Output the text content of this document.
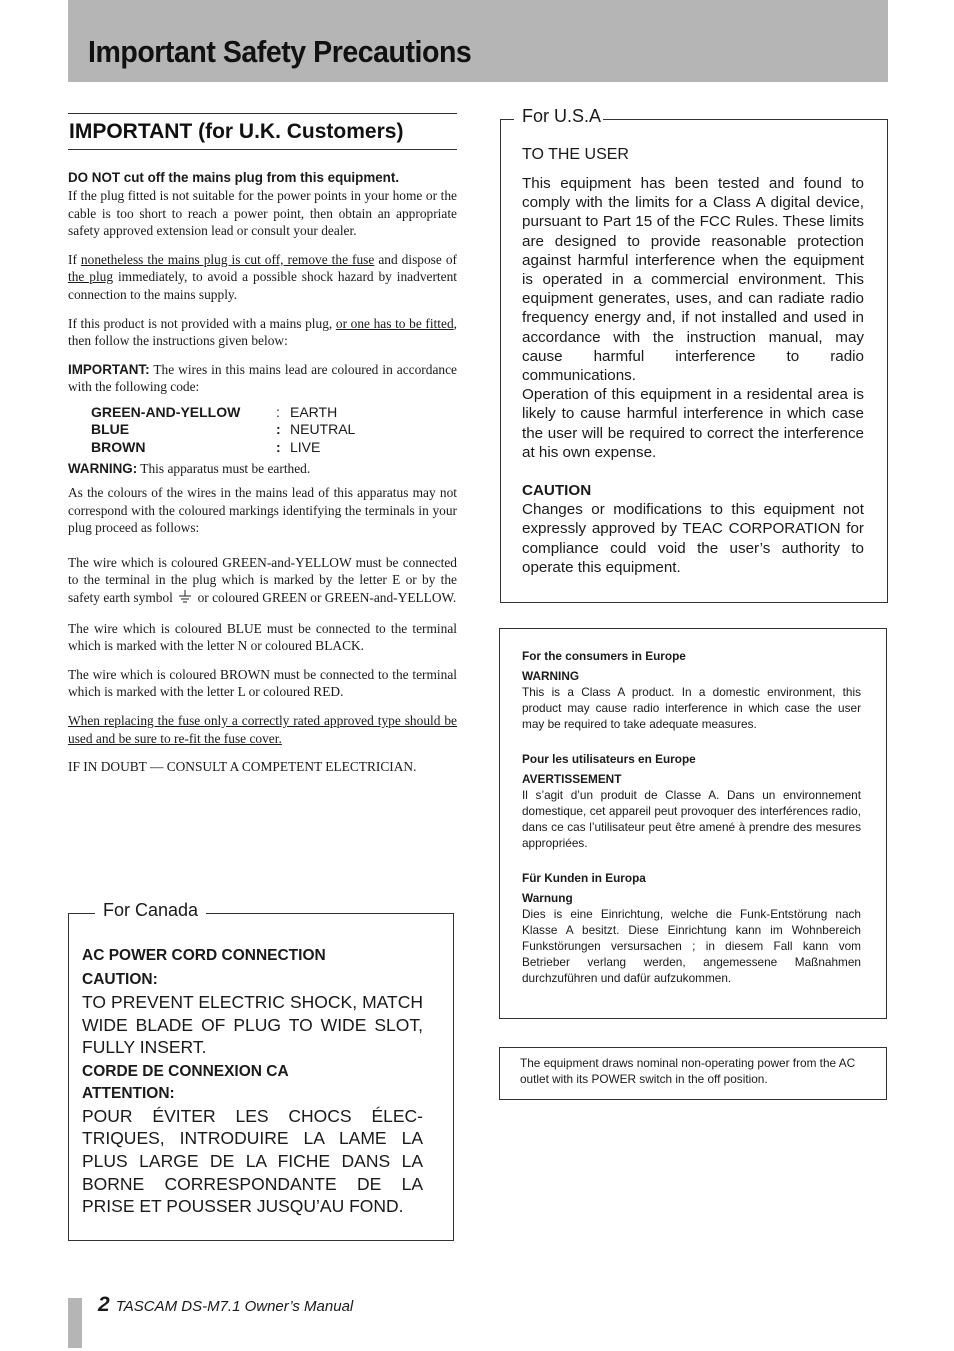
Important Safety Precautions
IMPORTANT (for U.K. Customers)
DO NOT cut off the mains plug from this equipment.

If the plug fitted is not suitable for the power points in your home or the cable is too short to reach a power point, then obtain an appropriate safety approved extension lead or consult your dealer.

If nonetheless the mains plug is cut off, remove the fuse and dispose of the plug immediately, to avoid a possible shock hazard by inadvertent connection to the mains supply.

If this product is not provided with a mains plug, or one has to be fitted, then follow the instructions given below:

IMPORTANT: The wires in this mains lead are coloured in accordance with the following code:

GREEN-AND-YELLOW	: EARTH
BLUE	: NEUTRAL
BROWN	: LIVE

WARNING: This apparatus must be earthed.

As the colours of the wires in the mains lead of this apparatus may not correspond with the coloured markings identifying the terminals in your plug proceed as follows:

The wire which is coloured GREEN-and-YELLOW must be connected to the terminal in the plug which is marked by the letter E or by the safety earth symbol  or coloured GREEN or GREEN-and-YELLOW.

The wire which is coloured BLUE must be connected to the terminal which is marked with the letter N or coloured BLACK.

The wire which is coloured BROWN must be connected to the terminal which is marked with the letter L or coloured RED.

When replacing the fuse only a correctly rated approved type should be used and be sure to re-fit the fuse cover.

IF IN DOUBT — CONSULT A COMPETENT ELECTRICIAN.

For Canada
AC POWER CORD CONNECTION
CAUTION:
TO PREVENT ELECTRIC SHOCK, MATCH WIDE BLADE OF PLUG TO WIDE SLOT, FULLY INSERT.
CORDE DE CONNEXION CA
ATTENTION:
POUR ÉVITER LES CHOCS ÉLEC-TRIQUES, INTRODUIRE LA LAME LA PLUS LARGE DE LA FICHE DANS LA BORNE CORRESPONDANTE DE LA PRISE ET POUSSER JUSQU’AU FOND.
For U.S.A
TO THE USER
This equipment has been tested and found to comply with the limits for a Class A digital device, pursuant to Part 15 of the FCC Rules. These limits are designed to provide reasonable protection against harmful interference when the equipment is operated in a commercial environment. This equipment generates, uses, and can radiate radio frequency energy and, if not installed and used in accordance with the instruction manual, may cause harmful interference to radio communications.
Operation of this equipment in a residental area is likely to cause harmful interference in which case the user will be required to correct the interference at his own expense.
CAUTION
Changes or modifications to this equipment not expressly approved by TEAC CORPORATION for compliance could void the user’s authority to operate this equipment.
For the consumers in Europe
WARNING
This is a Class A product. In a domestic environment, this product may cause radio interference in which case the user may be required to take adequate measures.
Pour les utilisateurs en Europe
AVERTISSEMENT
Il s’agit d’un produit de Classe A. Dans un environnement domestique, cet appareil peut provoquer des interférences radio, dans ce cas l’utilisateur peut être amené à prendre des mesures appropriées.
Für Kunden in Europa
Warnung
Dies is eine Einrichtung, welche die Funk-Entstörung nach Klasse A besitzt. Diese Einrichtung kann im Wohnbereich Funkstörungen versursachen ; in diesem Fall kann vom Betrieber verlang werden, angemessene Maßnahmen durchzuführen und dafür aufzukommen.
The equipment draws nominal non-operating power from the AC outlet with its POWER switch in the off position.
2 TASCAM DS-M7.1 Owner’s Manual
